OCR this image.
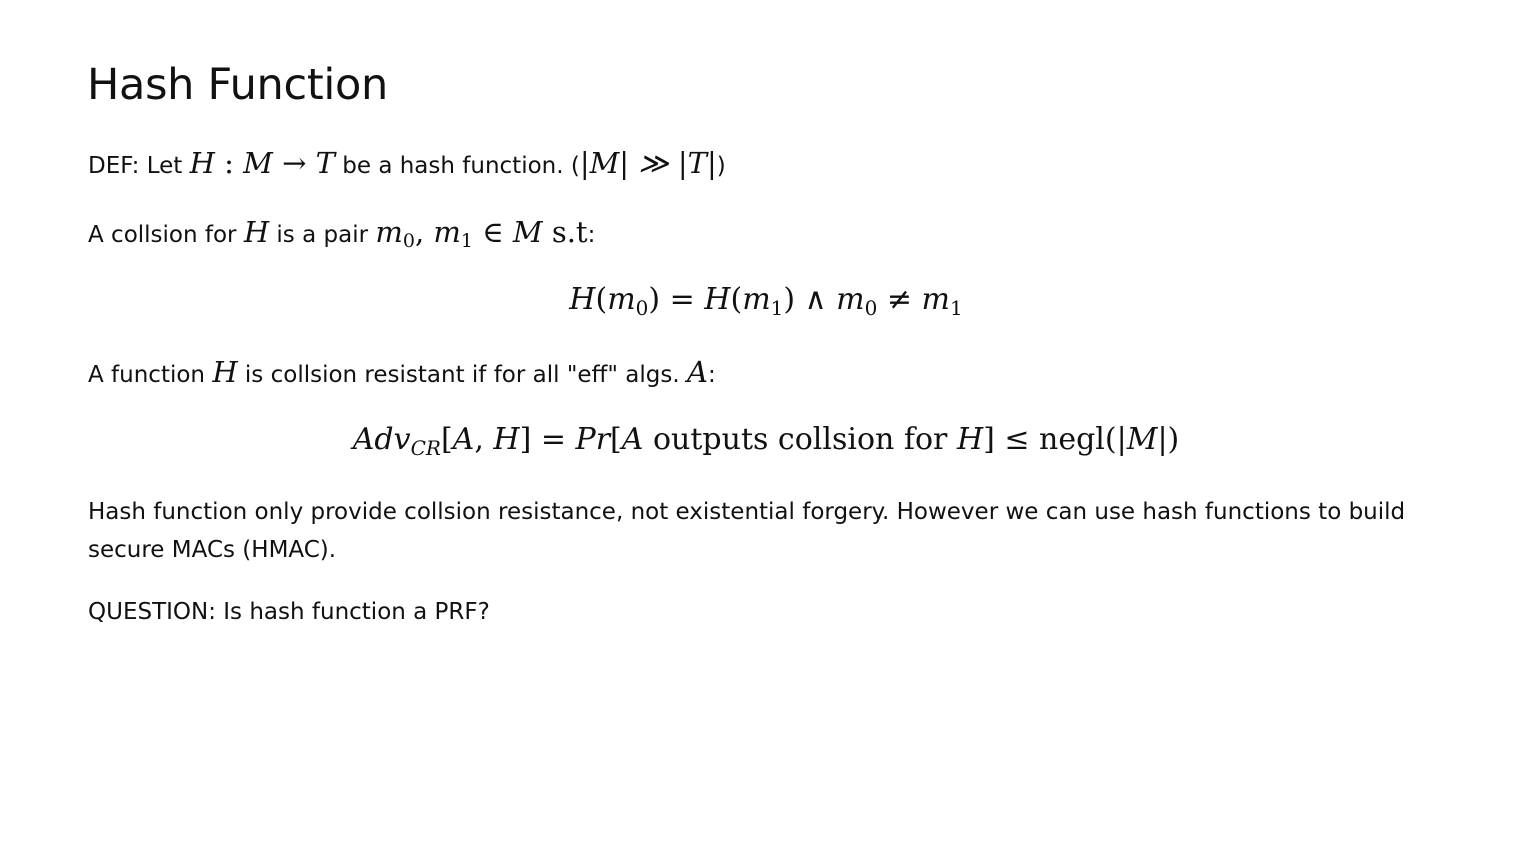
Hash Function
DEF: Let H : M → T be a hash function. (|M| ≫ |T|)
A collsion for H is a pair $m_0$, $m_1$ ∈ M s.t:
$H(m_0) = H(m_1)$ ∧ $m_0 \ne m_1$
A function H is collsion resistant if for all "eff" algs. A:
Adv$_{CR}$[A, H] = Pr[A outputs collsion for H] ≤ negl(|M|)
Hash function only provide collsion resistance, not existential forgery. However we can use hash functions to build secure MACs (HMAC).
QUESTION: Is hash function a PRF?
